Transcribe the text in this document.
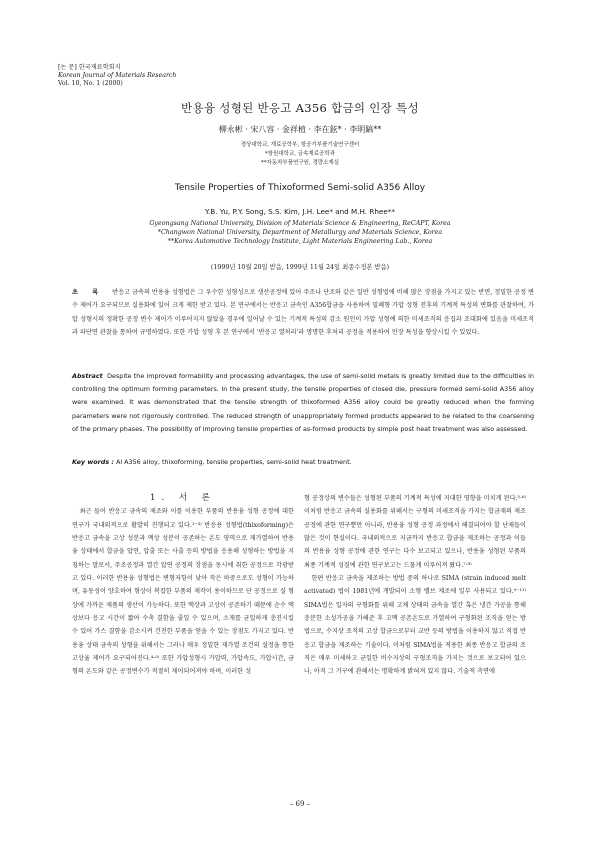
[논 문] 한국재료학회지
Korean Journal of Materials Research
Vol. 10, No. 1 (2000)
반용융 성형된 반응고 A356 합금의 인장 특성
柳永彬 · 宋八容 · 金祥植 · 李在鉉* · 李明鎬**
경상대학교, 재료공학부, 항공기부품기술연구센터
*창원대학교, 금속재료공학과
**자동차부품연구원, 경량소재실
Tensile Properties of Thixoformed Semi-solid A356 Alloy
Y.B. Yu, P.Y. Song, S.S. Kim, J.H. Lee* and M.H. Rhee**
Gyeongsang National University, Division of Materials Science & Engineering, ReCAPT, Korea
*Changwon National University, Department of Metallurgy and Materials Science, Korea
**Korea Automotive Technology Institute, Light Materials Engineering Lab., Korea
(1999년 10월 20일 받음, 1999년 11월 24일 최종수정본 받음)
초 록 반응고 금속의 반용융 성형법은 그 우수한 성형성으로 생산공정에 있어 주조나 단조와 같은 일반 성형법에 비해 많은 장점을 가지고 있는 반면, 정밀한 공정 변수 제어가 요구되므로 실용화에 있어 크게 제한 받고 있다. 본 연구에서는 반응고 금속인 A356합금을 사용하여 밀폐형 가압 성형 전후의 기계적 특성의 변화를 관찰하여, 가압 성형시의 정확한 공정 변수 제어가 이루어지지 않았을 경우에 일어날 수 있는 기계적 특성의 감소 원인이 가압 성형에 의한 미세조직의 응집과 조대화에 있음을 미세조직과 파단면 관찰을 통하여 규명하였다. 또한 가압 성형 후 본 연구에서 '반응고 열처리'라 명명한 후처리 공정을 적용하여 인장 특성을 향상시킬 수 있었다.
Abstract Despite the improved formability and processing advantages, the use of semi-solid metals is greatly limited due to the difficulties in controlling the optimum forming parameters. In the present study, the tensile properties of closed die, pressure formed semi-solid A356 alloy were examined. It was demonstrated that the tensile strength of thixoformed A356 alloy could be greatly reduced when the forming parameters were not rigorously controlled. The reduced strength of unappropriately formed products appeared to be related to the coarsening of the primary phases. The possibility of improving tensile properties of as-formed products by simple post heat treatment was also assessed.
Key words : Al A356 alloy, thixoforming, tensile properties, semi-solid heat treatment.

1. 서 론

최근 들어 반응고 금속의 제조와 이를 이용한 부품의 반용융 성형 공정에 대한 연구가 국내외적으로 활발히 진행되고 있다.¹⁻³⁾ 반응용 성형법(thixoforming)은 반응고 금속을 고상 성분과 액상 성분이 공존하는 온도 영역으로 재가열하여 반용융 상태에서 합금을 압연, 압출 또는 사출 등의 방법을 응용해 성형하는 방법을 지칭하는 말로서, 주조공정과 열간 압연 공정의 장점을 동시에 취한 공정으로 각광받고 있다. 이러한 반용융 성형법은 변형저항이 낮아 작은 하중으로도 성형이 가능하며, 유동성이 양호하여 형상이 복잡한 부품의 제작이 용이하므로 단 공정으로 실 형상에 가까운 제품의 생산이 가능하다. 또한 액상과 고상이 공존하기 때문에 순수 액상보다 응고 시간이 짧아 수축 결함을 줄일 수 있으며, 소재를 균일하게 충진시킬 수 있어 가스 결함을 감소시켜 건전한 부품을 얻을 수 있는 장점도 가지고 있다. 반용융 상태 금속의 성형을 위해서는 그러나 매우 정밀한 재가열 조건의 설정을 통한 고상율 제어가 요구되어진다.⁴·⁵⁾ 또한 가압성형시 가압력, 가압속도, 가압시간, 금형의 온도와 같은 공정변수가 적절히 제어되어져야 하며, 이러한 성

형 공정상의 변수들은 성형된 부품의 기계적 특성에 지대한 영향을 미치게 된다.⁵·⁶⁾ 이처럼 반응고 금속의 실용화를 위해서는 구형의 미세조직을 가지는 합금재의 제조 공정에 관한 연구뿐만 아니라, 반용융 성형 공정 과정에서 해결되어야 할 난제들이 많은 것이 현실이다. 국내외적으로 지금까지 반응고 합금을 제조하는 공정과 이들의 반용융 성형 공정에 관한 연구는 다수 보고되고 있으나, 반용융 성형된 부품의 최종 기계적 성질에 관한 연구보고는 드물게 이루어져 왔다.⁷·⁸⁾

한편 반응고 금속을 제조하는 방법 중의 하나로 SIMA (strain induced melt activated) 법이 1981년에 개발되어 소형 밸브 제조에 일부 사용되고 있다.⁹⁻¹¹⁾ SIMA법은 입자의 구형화를 위해 고체 상태의 금속을 열간 혹은 냉간 가공을 통해 충분한 소성가공을 가해준 후 고액 공존온도로 가열하여 구형화된 조직을 얻는 방법으로, 수지상 조직의 고상 합금으로부터 교반 등의 방법을 이용하지 않고 직접 반응고 합금을 제조하는 기술이다. 이처럼 SIMA법을 적용한 최종 반응고 합금의 조직은 매우 미세하고 균일한 비수지상의 구형조직을 가지는 것으로 보고되어 있으나, 아직 그 기구에 관해서는 명확하게 밝혀져 있지 않다. 기술적 측면에

– 69 –
